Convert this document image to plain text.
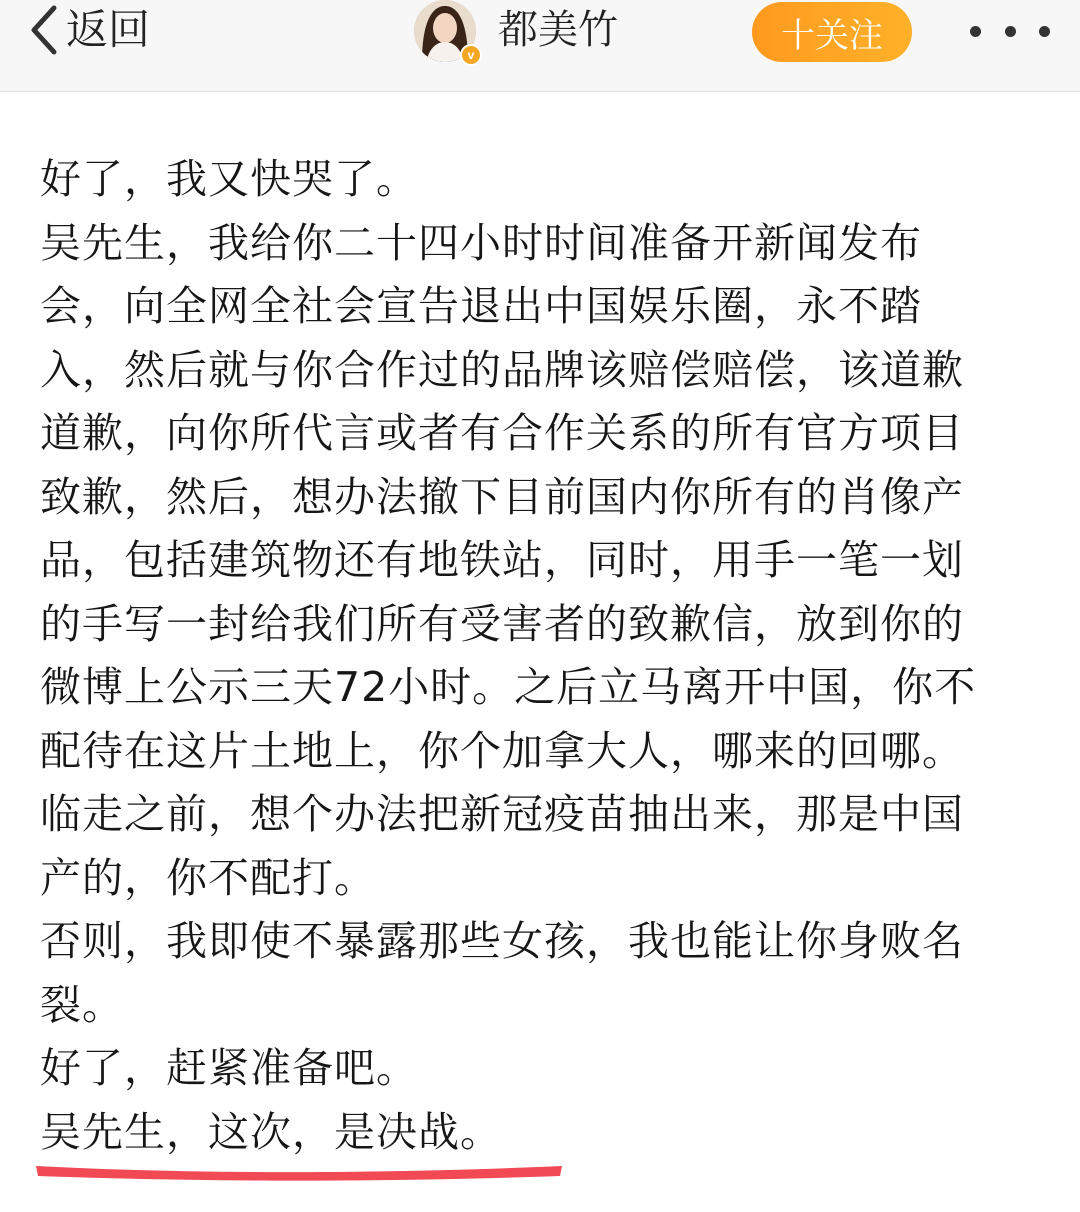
返回
v
都美竹	十关注

好了，我又快哭了。

吴先生，我给你二十四小时时间准备开新闻发布

会，向全网全社会宣告退出中国娱乐圈，永不踏

入，然后就与你合作过的品牌该赔偿赔偿，该道歉

道歉，向你所代言或者有合作关系的所有官方项目

致歉，然后，想办法撤下目前国内你所有的肖像产

品，包括建筑物还有地铁站，同时，用手一笔一划

的手写一封给我们所有受害者的致歉信，放到你的

微博上公示三天72小时。之后立马离开中国，你不

配待在这片土地上，你个加拿大人，哪来的回哪。

临走之前，想个办法把新冠疫苗抽出来，那是中国

产的，你不配打。

否则，我即使不暴露那些女孩，我也能让你身败名

裂。

好了，赶紧准备吧。

吴先生，这次，是决战。
